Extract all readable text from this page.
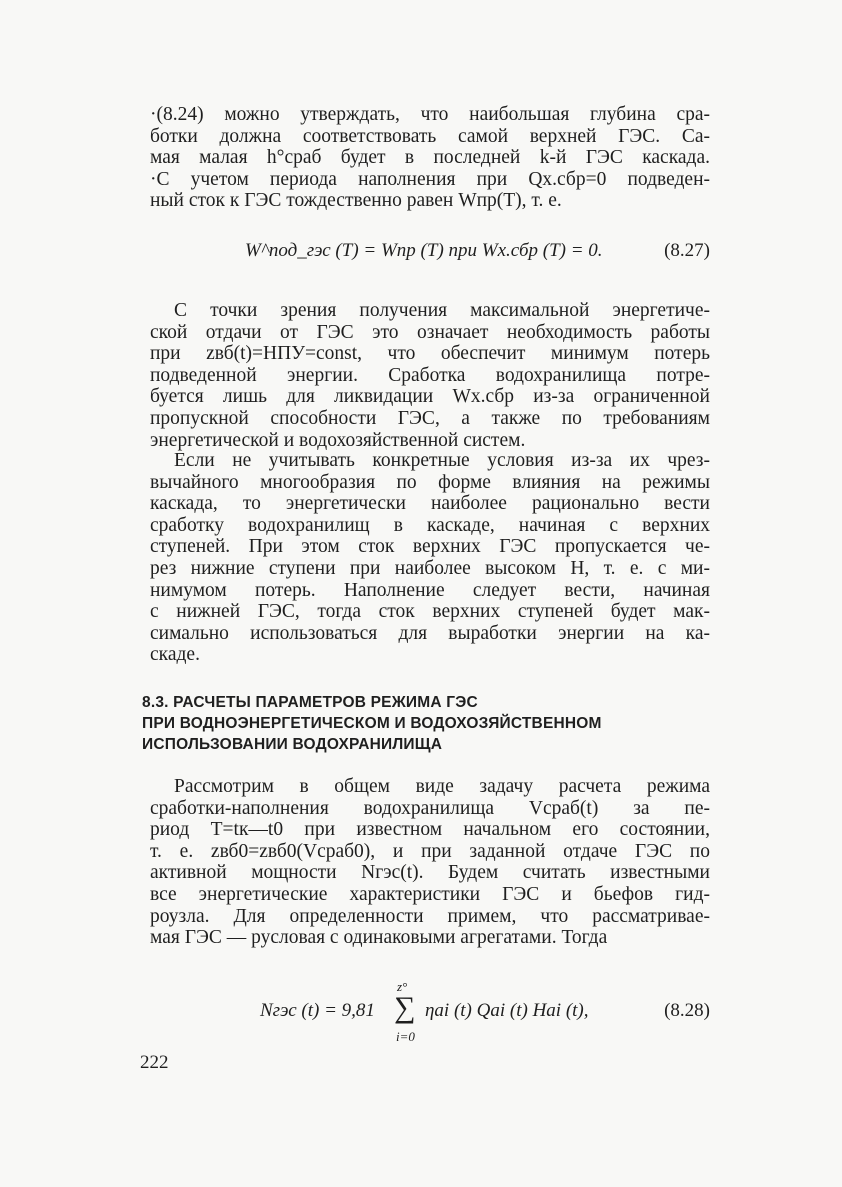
·(8.24) можно утверждать, что наибольшая глубина сра-
ботки должна соответствовать самой верхней ГЭС. Са-
мая малая h°сраб будет в последней k-й ГЭС каскада.
·С учетом периода наполнения при Qх.сбр=0 подведен-
ный сток к ГЭС тождественно равен Wпр(T), т. е.

W^под_гэс (T) = Wпр (T) при Wх.сбр (T) = 0.	(8.27)

С точки зрения получения максимальной энергетиче-
ской отдачи от ГЭС это означает необходимость работы
при zвб(t)=НПУ=const, что обеспечит минимум потерь
подведенной энергии. Сработка водохранилища потре-
буется лишь для ликвидации Wх.сбр из-за ограниченной
пропускной способности ГЭС, а также по требованиям
энергетической и водохозяйственной систем.

Если не учитывать конкретные условия из-за их чрез-
вычайного многообразия по форме влияния на режимы
каскада, то энергетически наиболее рационально вести
сработку водохранилищ в каскаде, начиная с верхних
ступеней. При этом сток верхних ГЭС пропускается че-
рез нижние ступени при наиболее высоком H, т. е. с ми-
нимумом потерь. Наполнение следует вести, начиная
с нижней ГЭС, тогда сток верхних ступеней будет мак-
симально использоваться для выработки энергии на ка-
скаде.

8.3. РАСЧЕТЫ ПАРАМЕТРОВ РЕЖИМА ГЭС
ПРИ ВОДНОЭНЕРГЕТИЧЕСКОМ И ВОДОХОЗЯЙСТВЕННОМ
ИСПОЛЬЗОВАНИИ ВОДОХРАНИЛИЩА

Рассмотрим в общем виде задачу расчета режима
сработки-наполнения водохранилища Vсраб(t) за пе-
риод T=tк—t0 при известном начальном его состоянии,
т. е. zвб0=zвб0(Vсраб0), и при заданной отдаче ГЭС по
активной мощности Nгэс(t). Будем считать известными
все энергетические характеристики ГЭС и бьефов гид-
роузла. Для определенности примем, что рассматривае-
мая ГЭС — русловая с одинаковыми агрегатами. Тогда

Nгэс (t) = 9,81
z°
∑
i=0
ηаi (t) Qаi (t) Hаi (t),	(8.28)
222
